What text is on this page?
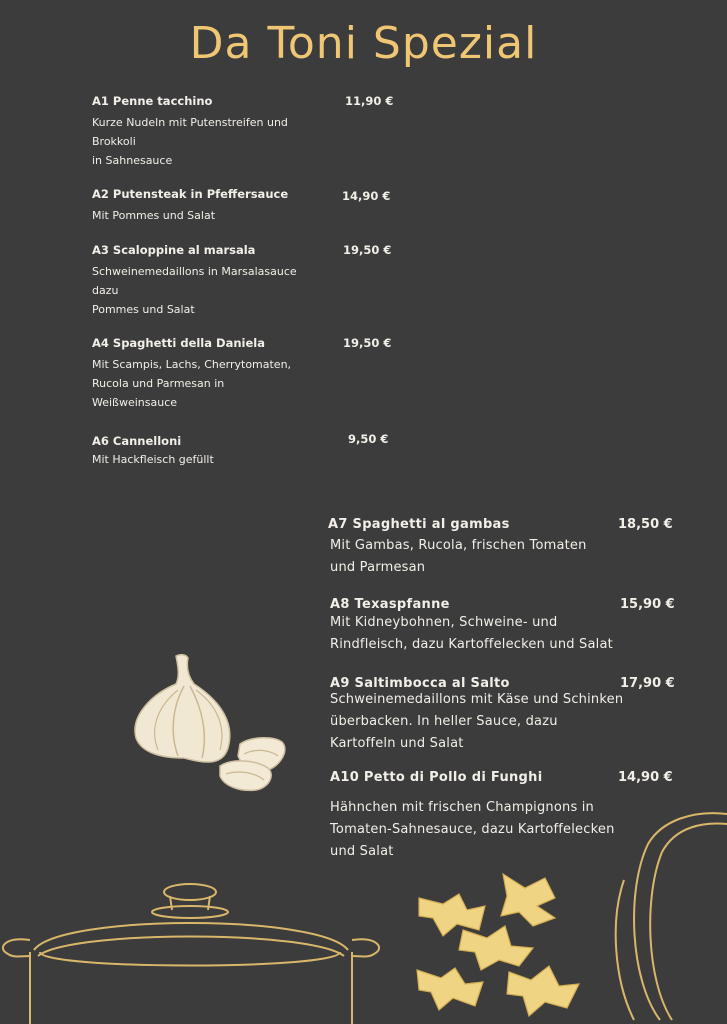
Da Toni Spezial
A1 Penne tacchino	11,90 €
Kurze Nudeln mit Putenstreifen und
Brokkoli
in Sahnesauce
A2 Putensteak in Pfeffersauce	14,90 €
Mit Pommes und Salat
A3 Scaloppine al marsala	19,50 €
Schweinemedaillons in Marsalasauce
dazu
Pommes und Salat
A4 Spaghetti della Daniela	19,50 €
Mit Scampis, Lachs, Cherrytomaten,
Rucola und Parmesan in
Weißweinsauce
A6 Cannelloni	9,50 €
Mit Hackfleisch gefüllt
A7 Spaghetti al gambas	18,50 €
Mit Gambas, Rucola, frischen Tomaten
und Parmesan
A8 Texaspfanne	15,90 €
Mit Kidneybohnen, Schweine- und
Rindfleisch, dazu Kartoffelecken und Salat
A9 Saltimbocca al Salto	17,90 €
Schweinemedaillons mit Käse und Schinken
überbacken. In heller Sauce, dazu
Kartoffeln und Salat
A10 Petto di Pollo di Funghi	14,90 €
Hähnchen mit frischen Champignons in
Tomaten-Sahnesauce, dazu Kartoffelecken
und Salat
